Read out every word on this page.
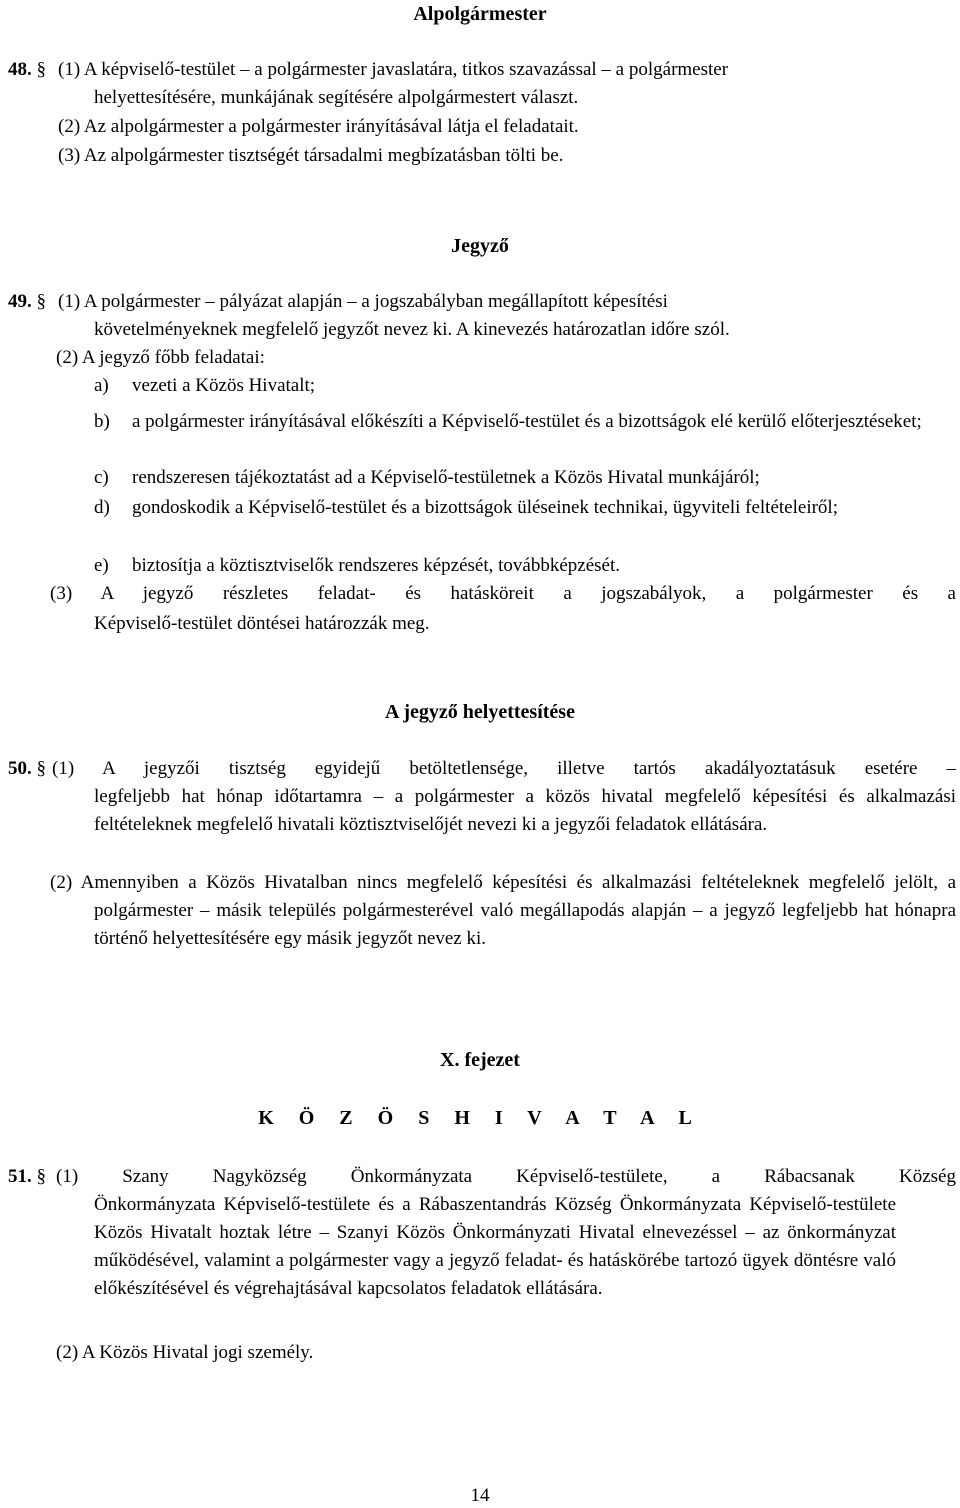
Alpolgármester
48. § (1) A képviselő-testület – a polgármester javaslatára, titkos szavazással – a polgármester
helyettesítésére, munkájának segítésére alpolgármestert választ.
(2) Az alpolgármester a polgármester irányításával látja el feladatait.
(3) Az alpolgármester tisztségét társadalmi megbízatásban tölti be.
Jegyző
49. § (1) A polgármester – pályázat alapján – a jogszabályban megállapított képesítési
követelményeknek megfelelő jegyzőt nevez ki. A kinevezés határozatlan időre szól.
(2) A jegyző főbb feladatai:
a) vezeti a Közös Hivatalt;
b) a polgármester irányításával előkészíti a Képviselő-testület és a bizottságok elé kerülő előterjesztéseket;
c) rendszeresen tájékoztatást ad a Képviselő-testületnek a Közös Hivatal munkájáról;
d) gondoskodik a Képviselő-testület és a bizottságok üléseinek technikai, ügyviteli feltételeiről;
e) biztosítja a köztisztviselők rendszeres képzését, továbbképzését.
(3) A jegyző részletes feladat- és hatásköreit a jogszabályok, a polgármester és a
Képviselő-testület döntései határozzák meg.
A jegyző helyettesítése
50. § (1) A jegyzői tisztség egyidejű betöltetlensége, illetve tartós akadályoztatásuk esetére –
legfeljebb hat hónap időtartamra – a polgármester a közös hivatal megfelelő képesítési és alkalmazási feltételeknek megfelelő hivatali köztisztviselőjét nevezi ki a jegyzői feladatok ellátására.
(2) Amennyiben a Közös Hivatalban nincs megfelelő képesítési és alkalmazási feltételeknek megfelelő jelölt, a polgármester – másik település polgármesterével való megállapodás alapján – a jegyző legfeljebb hat hónapra történő helyettesítésére egy másik jegyzőt nevez ki.
X. fejezet
K Ö Z Ö S H I V A T A L
51. § (1) Szany Nagyközség Önkormányzata Képviselő-testülete, a Rábacsanak Község
Önkormányzata Képviselő-testülete és a Rábaszentandrás Község Önkormányzata Képviselő-testülete Közös Hivatalt hoztak létre – Szanyi Közös Önkormányzati Hivatal elnevezéssel – az önkormányzat működésével, valamint a polgármester vagy a jegyző feladat- és hatáskörébe tartozó ügyek döntésre való előkészítésével és végrehajtásával kapcsolatos feladatok ellátására.
(2) A Közös Hivatal jogi személy.
14
